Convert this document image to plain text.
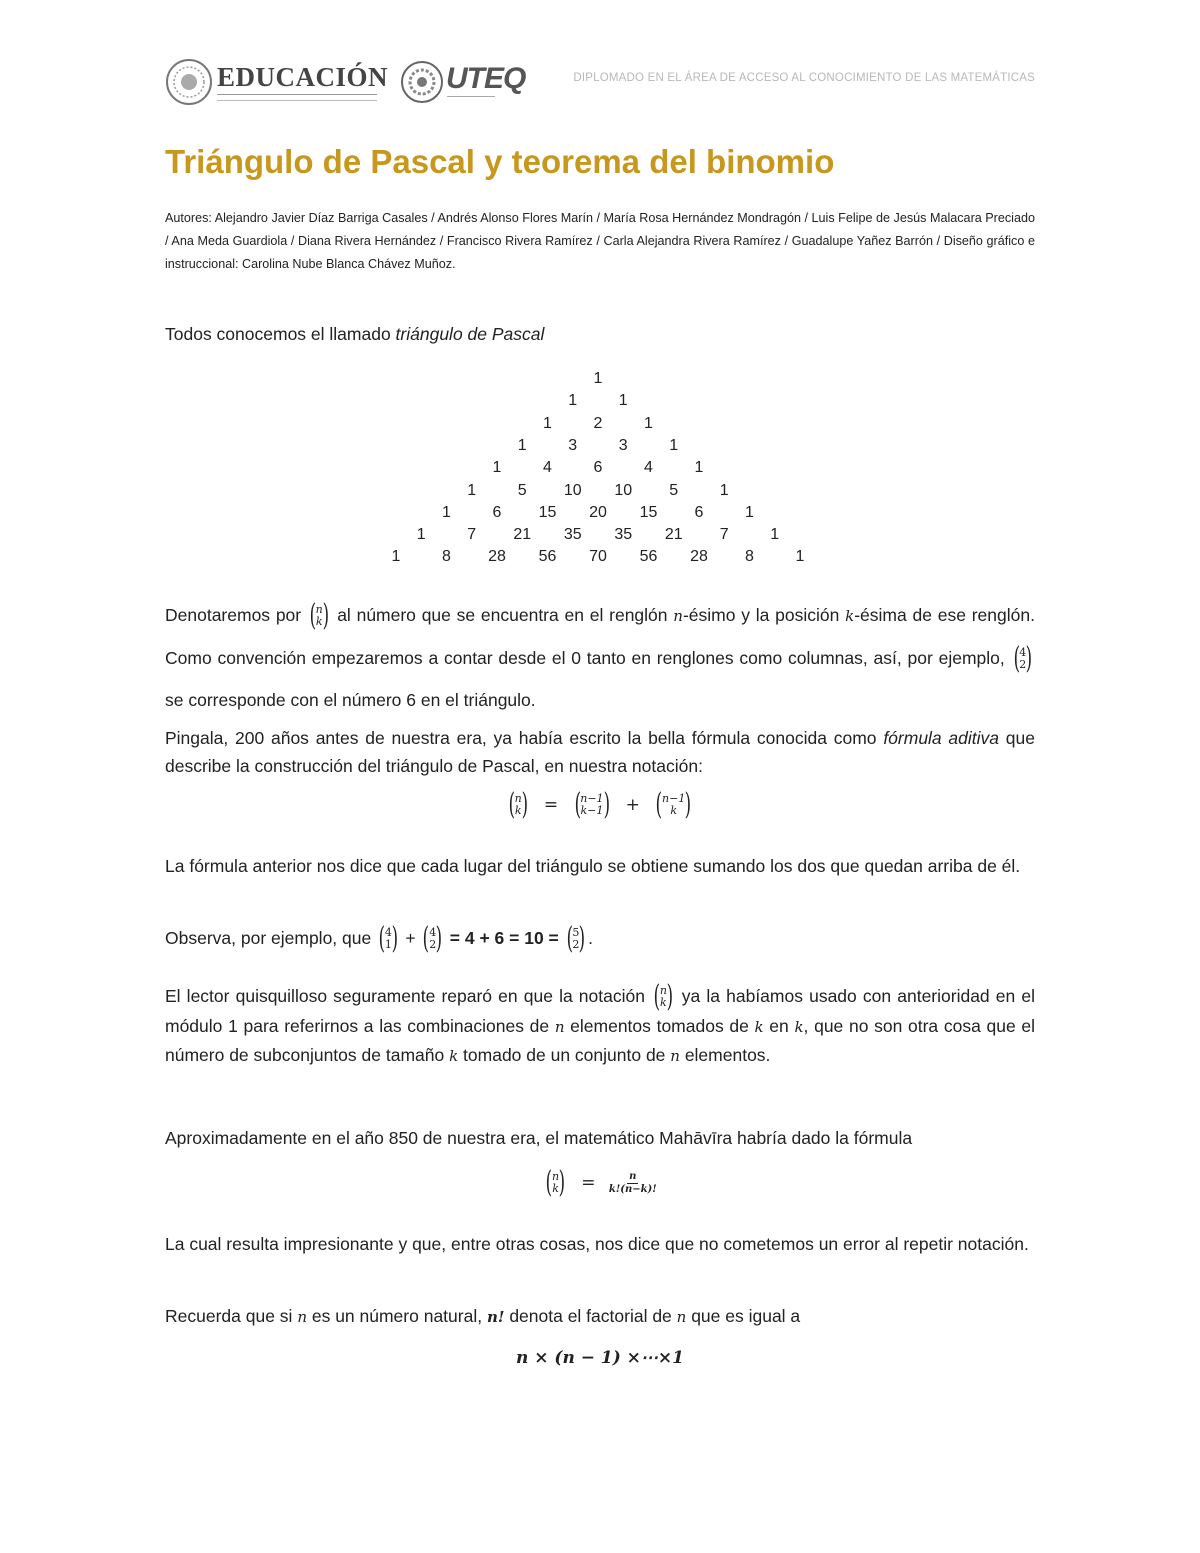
EDUCACIÓN UTEQ	DIPLOMADO EN EL ÁREA DE ACCESO AL CONOCIMIENTO DE LAS MATEMÁTICAS
Triángulo de Pascal y teorema del binomio

Autores: Alejandro Javier Díaz Barriga Casales / Andrés Alonso Flores Marín / María Rosa Hernández Mondragón / Luis Felipe de Jesús Malacara Preciado / Ana Meda Guardiola / Diana Rivera Hernández / Francisco Rivera Ramírez / Carla Alejandra Rivera Ramírez / Guadalupe Yañez Barrón / Diseño gráfico e instruccional: Carolina Nube Blanca Chávez Muñoz.

Todos conocemos el llamado triángulo de Pascal

1
1	1
1	2	1
1	3	3	1
1	4	6	4	1
1	5 10 10 5	1
1	6 15 20 15 6	1
1	7 21 35 35 21 7	1
1	8 28 56 70 56 28 8	1

Denotaremos por ( n
k ) al número que se encuentra en el renglón n-ésimo y la posición k-ésima de ese renglón. Como convención empezaremos a contar desde el 0 tanto en renglones como columnas, así, por ejemplo, ( 4
2 )
se corresponde con el número 6 en el triángulo.

Pingala, 200 años antes de nuestra era, ya había escrito la bella fórmula conocida como fórmula aditiva que describe la construcción del triángulo de Pascal, en nuestra notación:

( n
k ) = ( n−1
k−1 ) + ( n−1
k )

La fórmula anterior nos dice que cada lugar del triángulo se obtiene sumando los dos que quedan arriba de él.

Observa, por ejemplo, que ( 4
1 ) + ( 4
2 ) = 4 + 6 = 10 = ( 5
2 ) .

El lector quisquilloso seguramente reparó en que la notación ( n
k ) ya la habíamos usado con anterioridad en el módulo 1 para referirnos a las combinaciones de n elementos tomados de k en k, que no son otra cosa que el número de subconjuntos de tamaño k tomado de un conjunto de n elementos.

Aproximadamente en el año 850 de nuestra era, el matemático Mahāvīra habría dado la fórmula

( n
k ) = $\frac{n}{k!(n-k)!}$

La cual resulta impresionante y que, entre otras cosas, nos dice que no cometemos un error al repetir notación.

Recuerda que si n es un número natural, n! denota el factorial de n que es igual a

n × (n − 1) ×⋯×1
